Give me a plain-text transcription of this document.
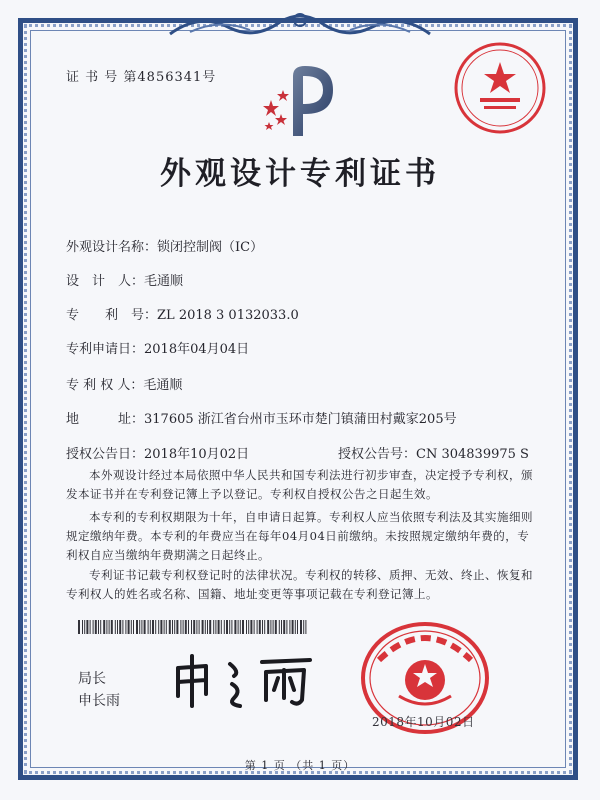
证 书 号 第4856341号
外观设计专利证书
外观设计名称：锁闭控制阀（IC）
设　计　人：毛通顺
专　　利　号：ZL 2018 3 0132033.0
专利申请日：2018年04月04日
专 利 权 人：毛通顺
地　　　址：317605 浙江省台州市玉环市楚门镇蒲田村戴家205号
授权公告日：2018年10月02日	授权公告号：CN 304839975 S
本外观设计经过本局依照中华人民共和国专利法进行初步审查，决定授予专利权，颁发本证书并在专利登记簿上予以登记。专利权自授权公告之日起生效。
本专利的专利权期限为十年，自申请日起算。专利权人应当依照专利法及其实施细则规定缴纳年费。本专利的年费应当在每年04月04日前缴纳。未按照规定缴纳年费的，专利权自应当缴纳年费期满之日起终止。
专利证书记载专利权登记时的法律状况。专利权的转移、质押、无效、终止、恢复和专利权人的姓名或名称、国籍、地址变更等事项记载在专利登记簿上。
局长
申长雨
2018年10月02日
第 1 页 （共 1 页）
